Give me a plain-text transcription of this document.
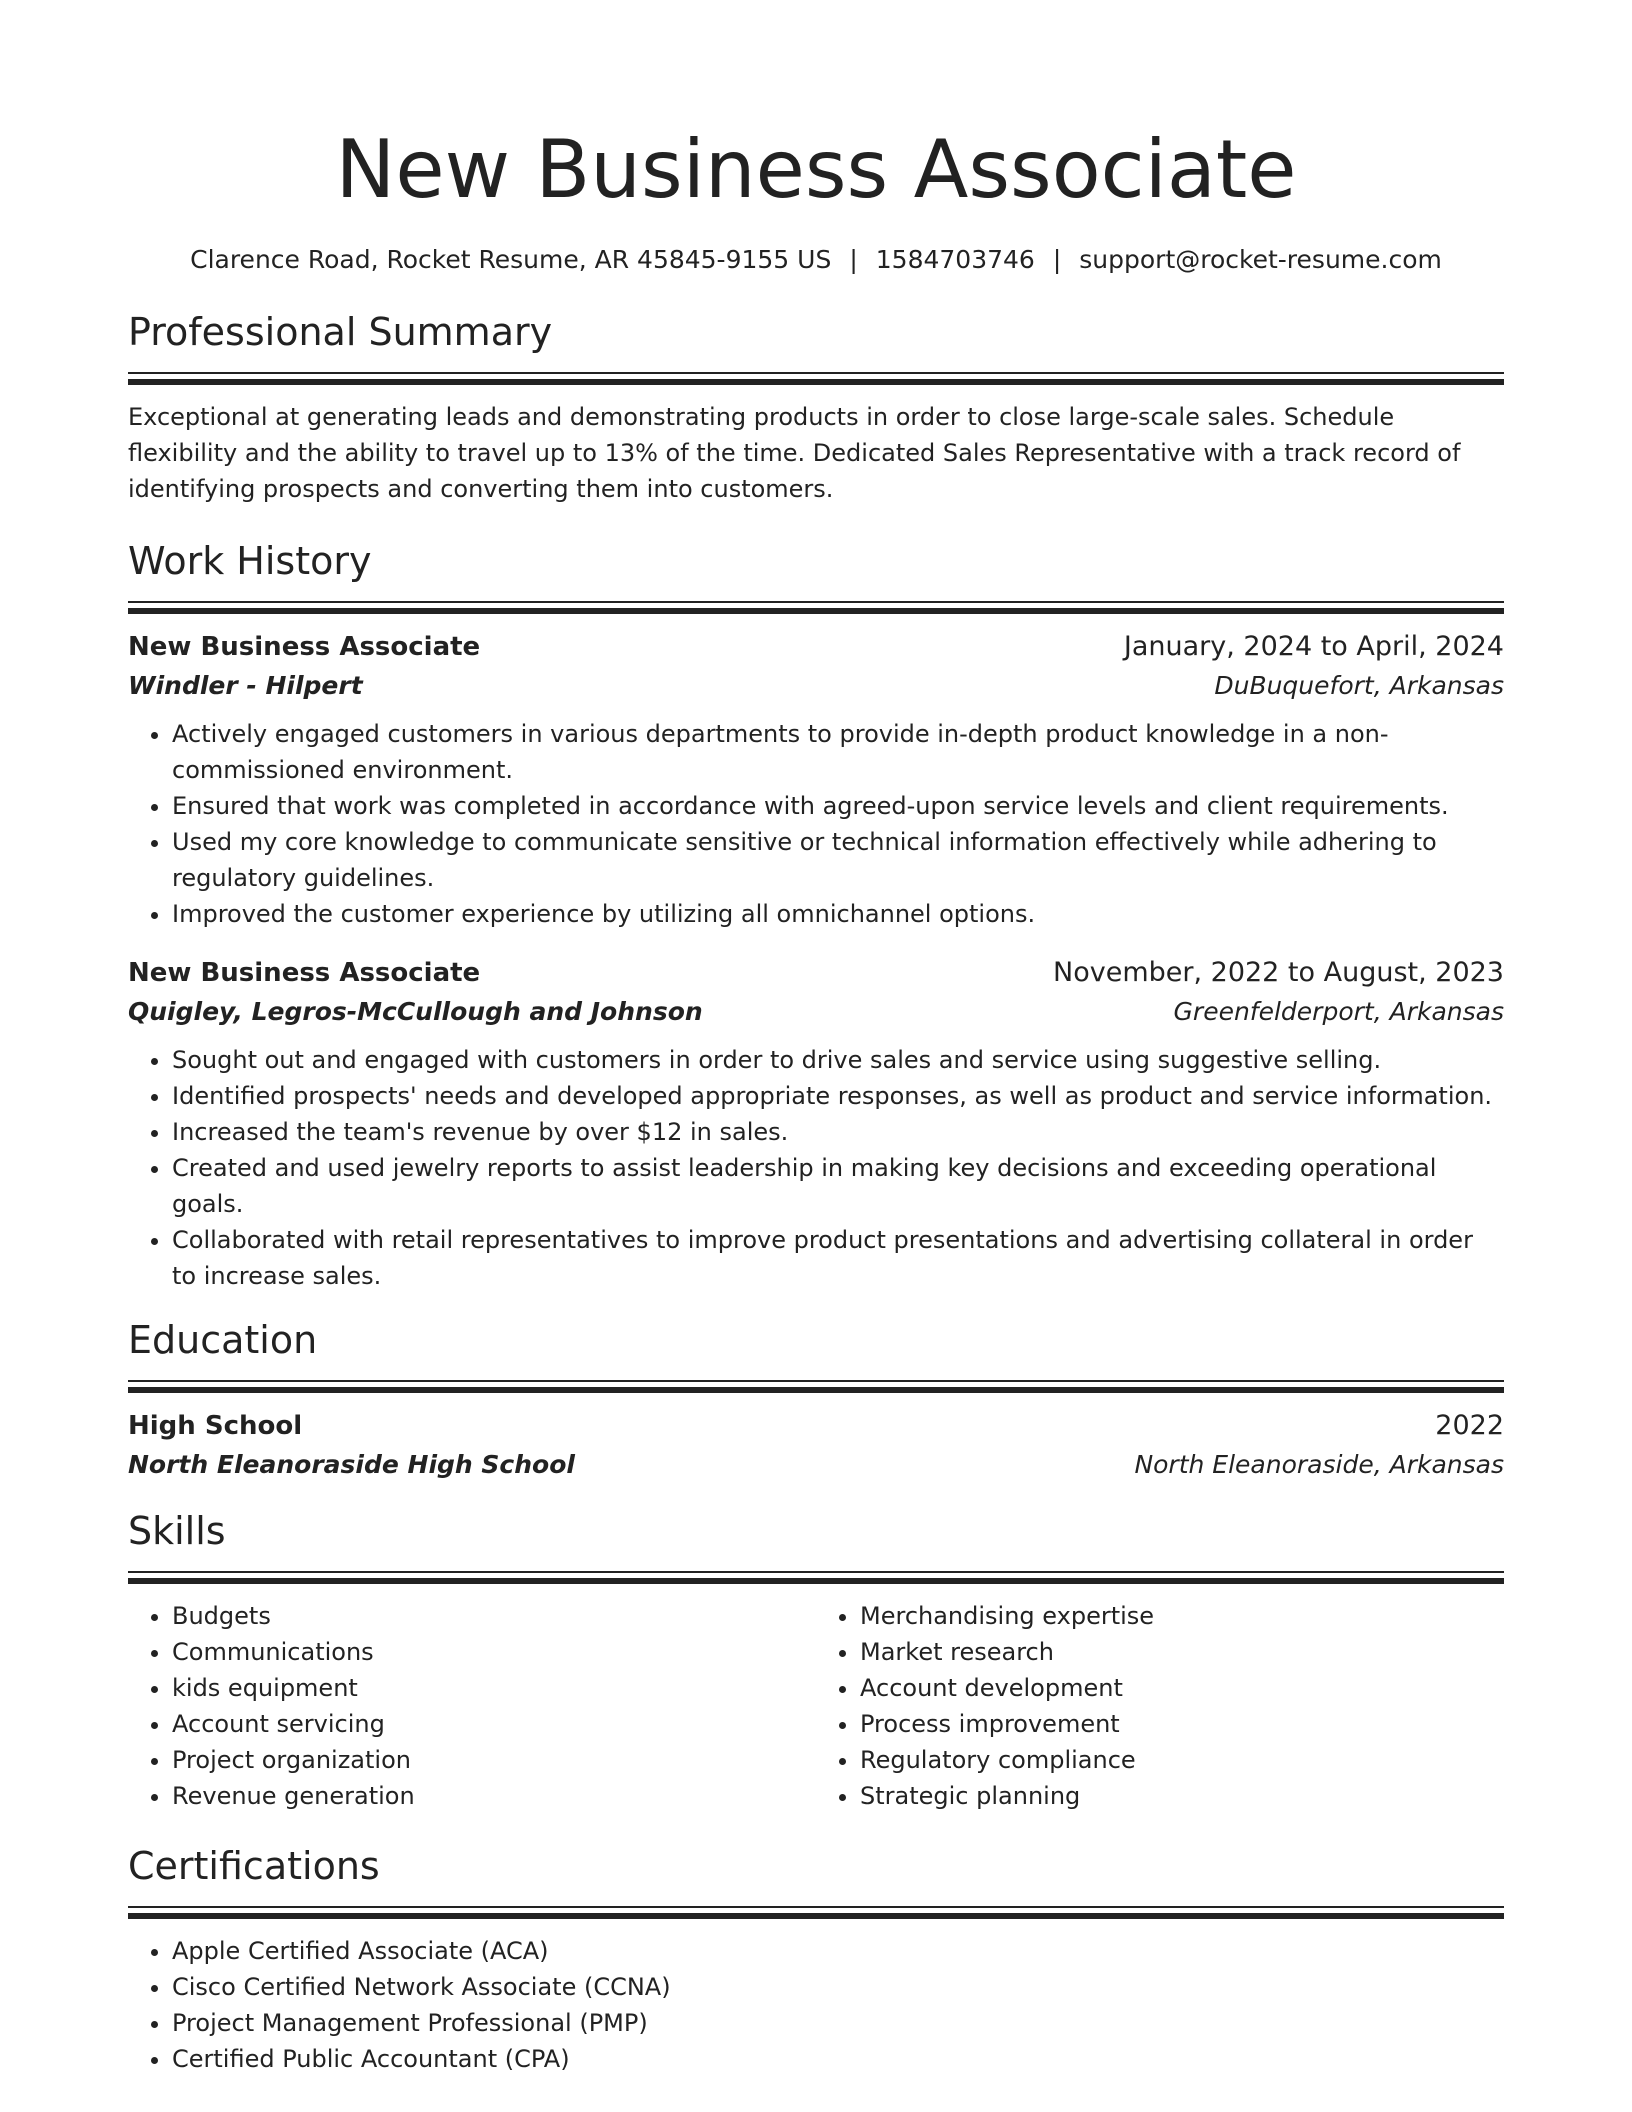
New Business Associate
Clarence Road, Rocket Resume, AR 45845-9155 US | 1584703746 | support@rocket-resume.com
Professional Summary

Exceptional at generating leads and demonstrating products in order to close large-scale sales. Schedule flexibility and the ability to travel up to 13% of the time. Dedicated Sales Representative with a track record of identifying prospects and converting them into customers.

Work History
New Business Associate	January, 2024 to April, 2024
Windler - Hilpert	DuBuquefort, Arkansas
• Actively engaged customers in various departments to provide in-depth product knowledge in a non-commissioned environment.
• Ensured that work was completed in accordance with agreed-upon service levels and client requirements.
• Used my core knowledge to communicate sensitive or technical information effectively while adhering to regulatory guidelines.
• Improved the customer experience by utilizing all omnichannel options.
New Business Associate	November, 2022 to August, 2023
Quigley, Legros-McCullough and Johnson	Greenfelderport, Arkansas
• Sought out and engaged with customers in order to drive sales and service using suggestive selling.
• Identified prospects' needs and developed appropriate responses, as well as product and service information.
• Increased the team's revenue by over $12 in sales.
• Created and used jewelry reports to assist leadership in making key decisions and exceeding operational goals.
• Collaborated with retail representatives to improve product presentations and advertising collateral in order to increase sales.
Education
High School	2022
North Eleanoraside High School	North Eleanoraside, Arkansas
Skills
• Budgets
• Communications
• kids equipment
• Account servicing
• Project organization
• Revenue generation
• Merchandising expertise
• Market research
• Account development
• Process improvement
• Regulatory compliance
• Strategic planning
Certifications
• Apple Certified Associate (ACA)
• Cisco Certified Network Associate (CCNA)
• Project Management Professional (PMP)
• Certified Public Accountant (CPA)
